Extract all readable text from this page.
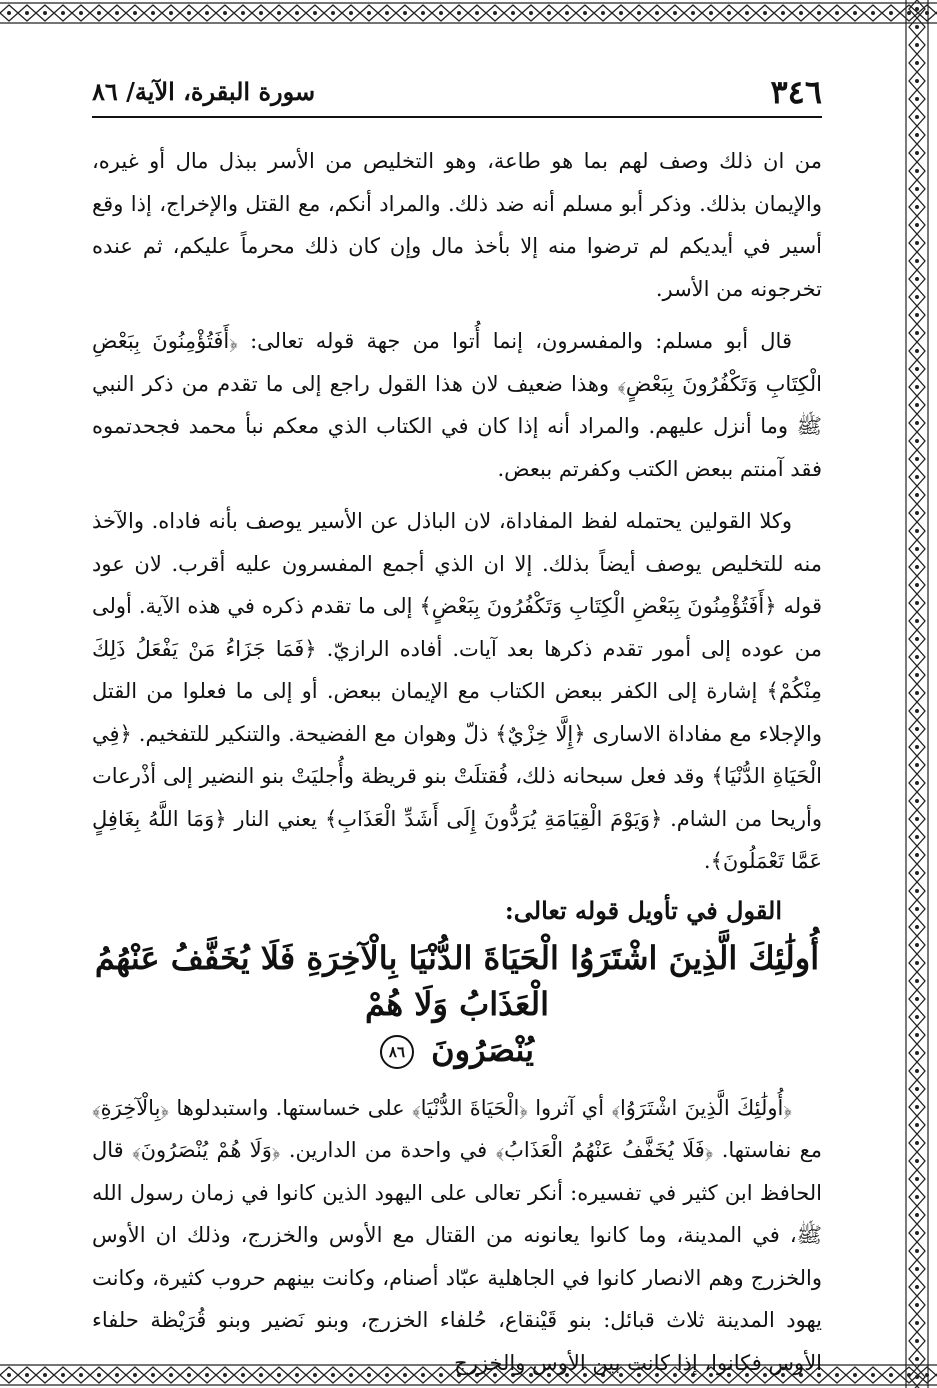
٣٤٦
سورة البقرة، الآية/ ٨٦

من ان ذلك وصف لهم بما هو طاعة، وهو التخليص من الأسر ببذل مال أو غيره، والإيمان بذلك. وذكر أبو مسلم أنه ضد ذلك. والمراد أنكم، مع القتل والإخراج، إذا وقع أسير في أيديكم لم ترضوا منه إلا بأخذ مال وإن كان ذلك محرماً عليكم، ثم عنده تخرجونه من الأسر.

قال أبو مسلم: والمفسرون، إنما أُتوا من جهة قوله تعالى: ﴿أَفَتُؤْمِنُونَ بِبَعْضِ الْكِتَابِ وَتَكْفُرُونَ بِبَعْضٍ﴾ وهذا ضعيف لان هذا القول راجع إلى ما تقدم من ذكر النبي ﷺ وما أنزل عليهم. والمراد أنه إذا كان في الكتاب الذي معكم نبأ محمد فجحدتموه فقد آمنتم ببعض الكتب وكفرتم ببعض.

وكلا القولين يحتمله لفظ المفاداة، لان الباذل عن الأسير يوصف بأنه فاداه. والآخذ منه للتخليص يوصف أيضاً بذلك. إلا ان الذي أجمع المفسرون عليه أقرب. لان عود قوله ﴿أَفَتُؤْمِنُونَ بِبَعْضِ الْكِتَابِ وَتَكْفُرُونَ بِبَعْضٍ﴾ إلى ما تقدم ذكره في هذه الآية. أولى من عوده إلى أمور تقدم ذكرها بعد آيات. أفاده الرازيّ. ﴿فَمَا جَزَاءُ مَنْ يَفْعَلُ ذَلِكَ مِنْكُمْ﴾ إشارة إلى الكفر ببعض الكتاب مع الإيمان ببعض. أو إلى ما فعلوا من القتل والإجلاء مع مفاداة الاسارى ﴿إِلَّا خِزْيٌ﴾ ذلّ وهوان مع الفضيحة. والتنكير للتفخيم. ﴿فِي الْحَيَاةِ الدُّنْيَا﴾ وقد فعل سبحانه ذلك، فُقتلَتْ بنو قريظة وأُجليَتْ بنو النضير إلى أذْرعات وأريحا من الشام. ﴿وَيَوْمَ الْقِيَامَةِ يُرَدُّونَ إِلَى أَشَدِّ الْعَذَابِ﴾ يعني النار ﴿وَمَا اللَّهُ بِغَافِلٍ عَمَّا تَعْمَلُونَ﴾.

القول في تأويل قوله تعالى:
أُولَٰئِكَ الَّذِينَ اشْتَرَوُا الْحَيَاةَ الدُّنْيَا بِالْآخِرَةِ فَلَا يُخَفَّفُ عَنْهُمُ الْعَذَابُ وَلَا هُمْ
يُنْصَرُونَ ٨٦

﴿أُولَٰئِكَ الَّذِينَ اشْتَرَوُا﴾ أي آثروا ﴿الْحَيَاةَ الدُّنْيَا﴾ على خساستها. واستبدلوها ﴿بِالْآخِرَةِ﴾ مع نفاستها. ﴿فَلَا يُخَفَّفُ عَنْهُمُ الْعَذَابُ﴾ في واحدة من الدارين. ﴿وَلَا هُمْ يُنْصَرُونَ﴾ قال الحافظ ابن كثير في تفسيره: أنكر تعالى على اليهود الذين كانوا في زمان رسول الله ﷺ، في المدينة، وما كانوا يعانونه من القتال مع الأوس والخزرج، وذلك ان الأوس والخزرج وهم الانصار كانوا في الجاهلية عبّاد أصنام، وكانت بينهم حروب كثيرة، وكانت يهود المدينة ثلاث قبائل: بنو قَيْنقاع، حُلفاء الخزرج، وبنو نَضير وبنو قُرَيْظة حلفاء الأوس فكانوا، إذا كانت بين الأوس والخزرج
